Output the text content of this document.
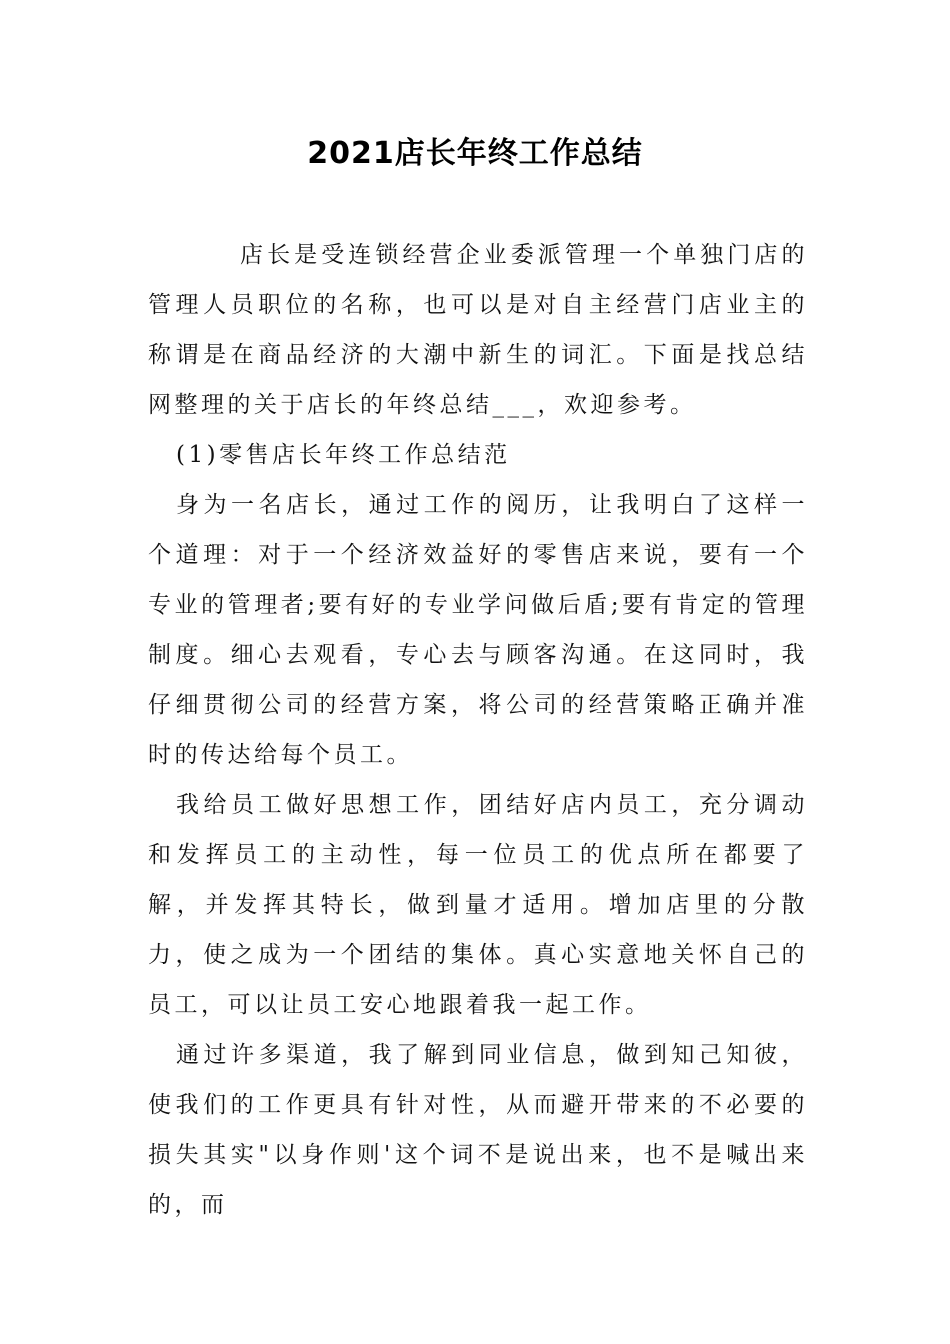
2021店长年终工作总结

店长是受连锁经营企业委派管理一个单独门店的管理人员职位的名称，也可以是对自主经营门店业主的称谓是在商品经济的大潮中新生的词汇。下面是找总结网整理的关于店长的年终总结___，欢迎参考。

(1)零售店长年终工作总结范

身为一名店长，通过工作的阅历，让我明白了这样一个道理：对于一个经济效益好的零售店来说，要有一个专业的管理者;要有好的专业学问做后盾;要有肯定的管理制度。细心去观看，专心去与顾客沟通。在这同时，我仔细贯彻公司的经营方案，将公司的经营策略正确并准时的传达给每个员工。

我给员工做好思想工作，团结好店内员工，充分调动和发挥员工的主动性，每一位员工的优点所在都要了解，并发挥其特长，做到量才适用。增加店里的分散力，使之成为一个团结的集体。真心实意地关怀自己的员工，可以让员工安心地跟着我一起工作。

通过许多渠道，我了解到同业信息，做到知己知彼，使我们的工作更具有针对性，从而避开带来的不必要的损失其实"以身作则'这个词不是说出来，也不是喊出来的，而
